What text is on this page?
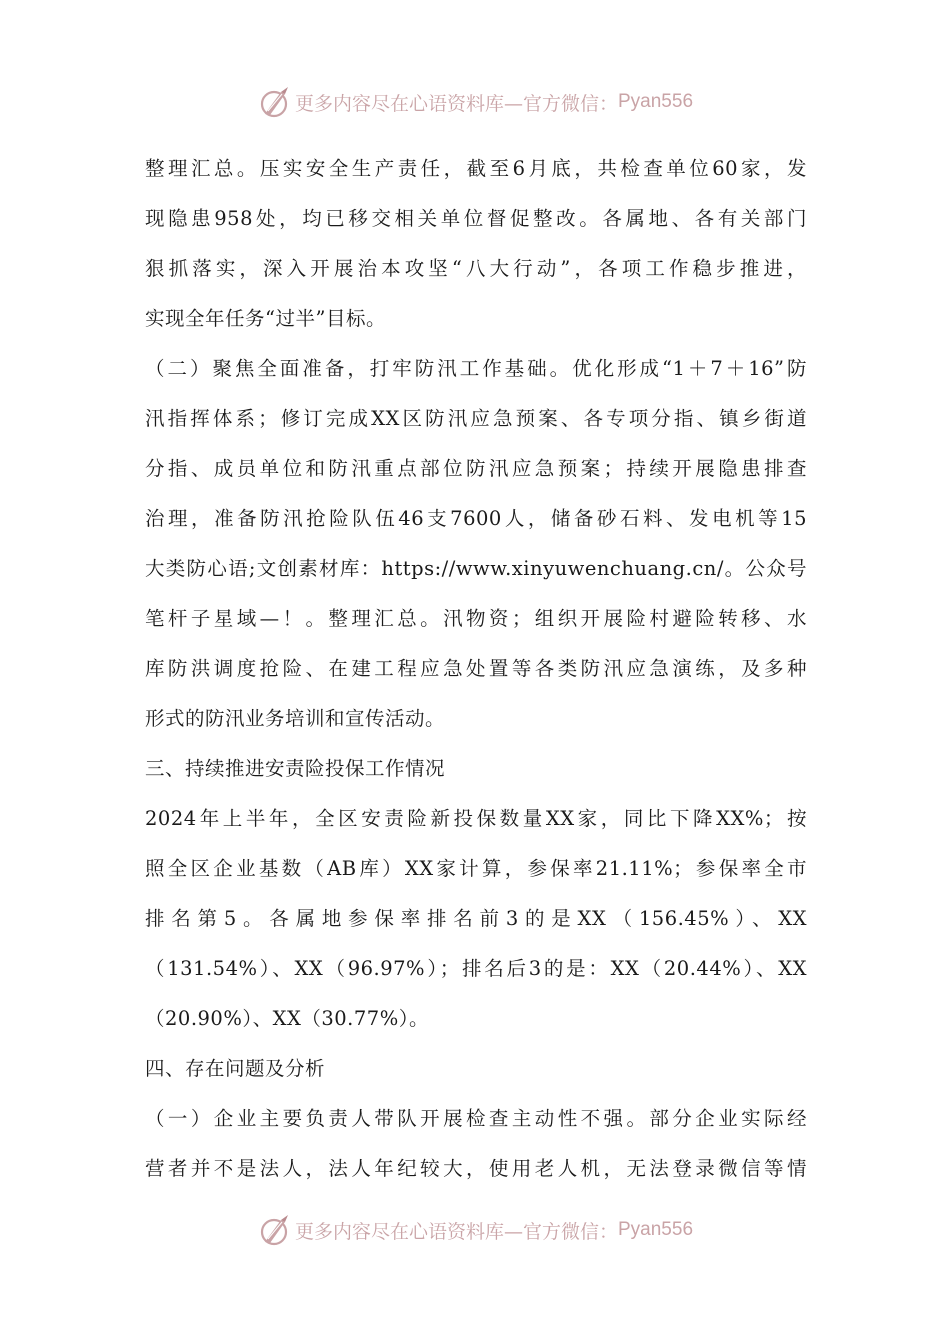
更多内容尽在心语资料库—官方微信： Pyan556
整理汇总。压实安全生产责任，截至6月底，共检查单位60家，发
现隐患958处，均已移交相关单位督促整改。各属地、各有关部门
狠抓落实，深入开展治本攻坚“八大行动”，各项工作稳步推进，
实现全年任务“过半”目标。
（二）聚焦全面准备，打牢防汛工作基础。优化形成“1＋7＋16”防
汛指挥体系；修订完成XX区防汛应急预案、各专项分指、镇乡街道
分指、成员单位和防汛重点部位防汛应急预案；持续开展隐患排查
治理，准备防汛抢险队伍46支7600人，储备砂石料、发电机等15
大类防心语;文创素材库：https://www.xinyuwenchuang.cn/。公众号
笔杆子星域—！。整理汇总。汛物资；组织开展险村避险转移、水
库防洪调度抢险、在建工程应急处置等各类防汛应急演练，及多种
形式的防汛业务培训和宣传活动。
三、持续推进安责险投保工作情况
2024年上半年，全区安责险新投保数量XX家，同比下降XX%；按
照全区企业基数（AB库）XX家计算，参保率21.11%；参保率全市
排名第5。各属地参保率排名前3的是XX（156.45%）、XX
（131.54%）、XX（96.97%）；排名后3的是：XX（20.44%）、XX
（20.90%）、XX（30.77%）。
四、存在问题及分析
（一）企业主要负责人带队开展检查主动性不强。部分企业实际经
营者并不是法人，法人年纪较大，使用老人机，无法登录微信等情
更多内容尽在心语资料库—官方微信： Pyan556
